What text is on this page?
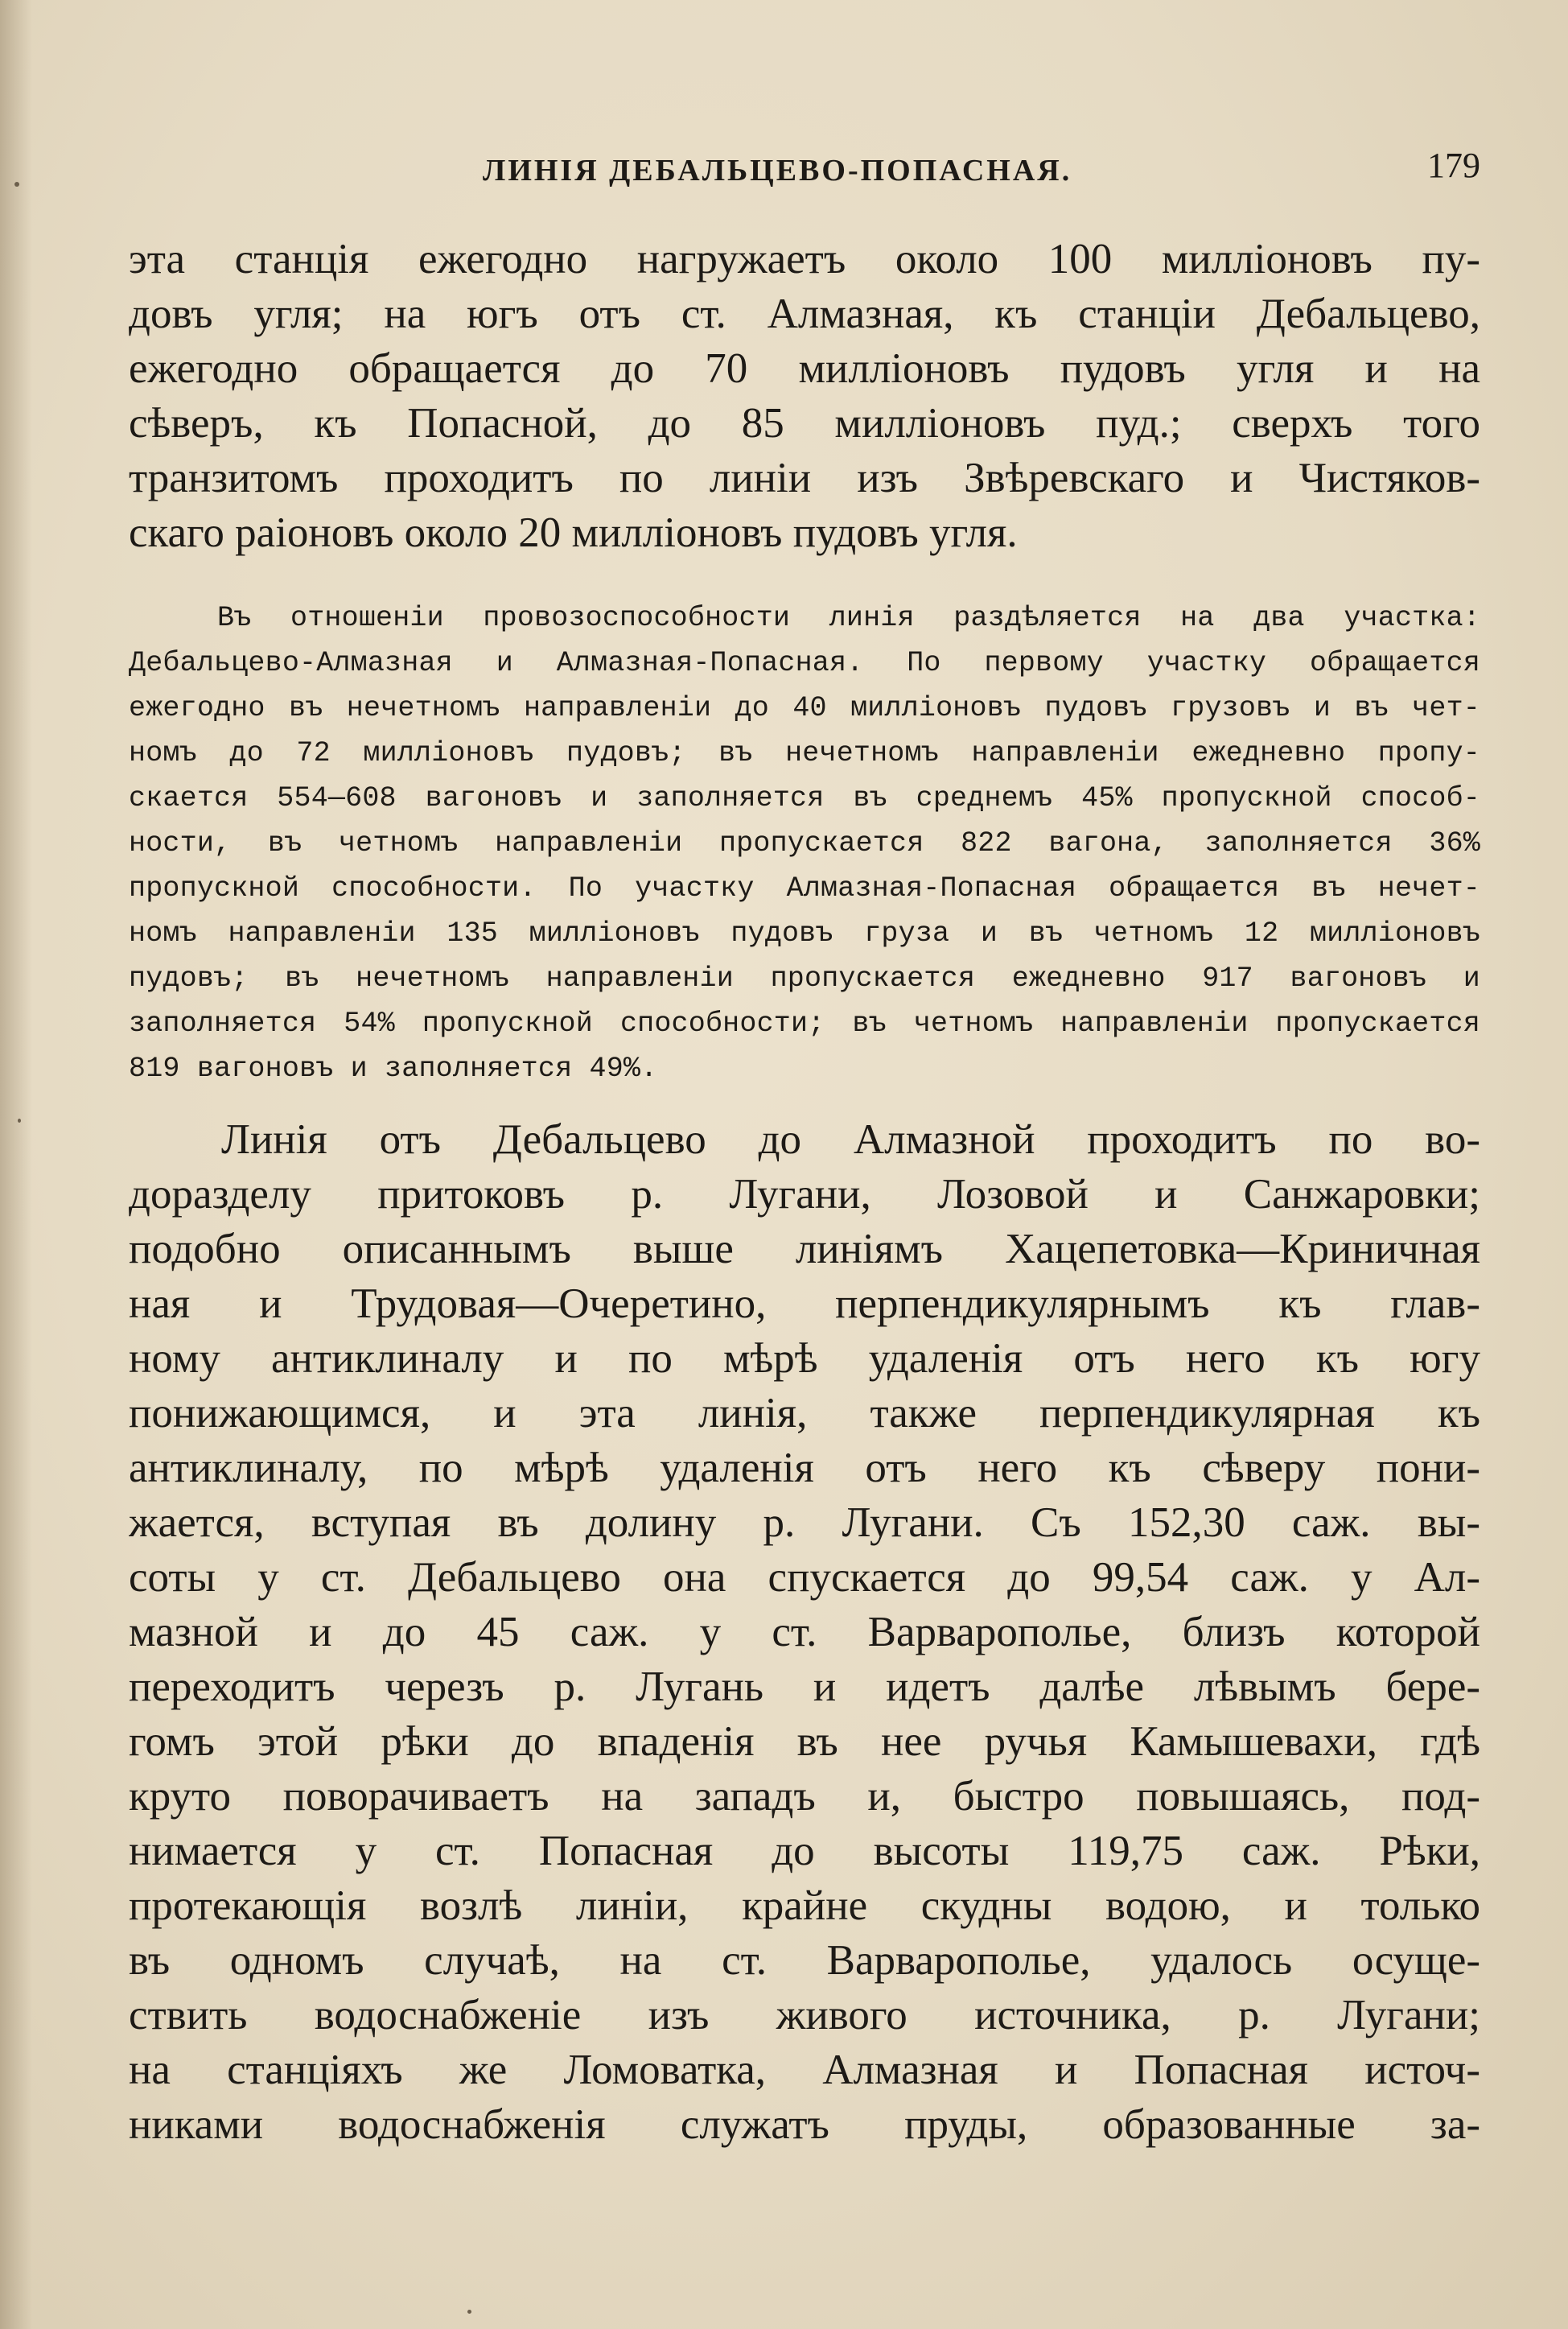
ЛИНІЯ ДЕБАЛЬЦЕВО-ПОПАСНАЯ.	179
эта станція ежегодно нагружаетъ около 100 милліоновъ пу-
довъ угля; на югъ отъ ст. Алмазная, къ станціи Дебальцево,
ежегодно обращается до 70 милліоновъ пудовъ угля и на
сѣверъ, къ Попасной, до 85 милліоновъ пуд.; сверхъ того
транзитомъ проходитъ по линіи изъ Звѣревскаго и Чистяков-
скаго раіоновъ около 20 милліоновъ пудовъ угля.
Въ отношеніи провозоспособности линія раздѣляется на два участка:
Дебальцево-Алмазная и Алмазная-Попасная. По первому участку обращается
ежегодно въ нечетномъ направленіи до 40 милліоновъ пудовъ грузовъ и въ чет-
номъ до 72 милліоновъ пудовъ; въ нечетномъ направленіи ежедневно пропу-
скается 554—608 вагоновъ и заполняется въ среднемъ 45% пропускной способ-
ности, въ четномъ направленіи пропускается 822 вагона, заполняется 36%
пропускной способности. По участку Алмазная-Попасная обращается въ нечет-
номъ направленіи 135 милліоновъ пудовъ груза и въ четномъ 12 милліоновъ
пудовъ; въ нечетномъ направленіи пропускается ежедневно 917 вагоновъ и
заполняется 54% пропускной способности; въ четномъ направленіи пропускается
819 вагоновъ и заполняется 49%.
Линія отъ Дебальцево до Алмазной проходитъ по во-
доразделу притоковъ р. Лугани, Лозовой и Санжаровки;
подобно описаннымъ выше линіямъ Хацепетовка—Криничная
ная и Трудовая—Очеретино, перпендикулярнымъ къ глав-
ному антиклиналу и по мѣрѣ удаленія отъ него къ югу
понижающимся, и эта линія, также перпендикулярная къ
антиклиналу, по мѣрѣ удаленія отъ него къ сѣверу пони-
жается, вступая въ долину р. Лугани. Съ 152,30 саж. вы-
соты у ст. Дебальцево она спускается до 99,54 саж. у Ал-
мазной и до 45 саж. у ст. Варварополье, близъ которой
переходитъ черезъ р. Лугань и идетъ далѣе лѣвымъ бере-
гомъ этой рѣки до впаденія въ нее ручья Камышевахи, гдѣ
круто поворачиваетъ на западъ и, быстро повышаясь, под-
нимается у ст. Попасная до высоты 119,75 саж. Рѣки,
протекающія возлѣ линіи, крайне скудны водою, и только
въ одномъ случаѣ, на ст. Варварополье, удалось осуще-
ствить водоснабженіе изъ живого источника, р. Лугани;
на станціяхъ же Ломоватка, Алмазная и Попасная источ-
никами водоснабженія служатъ пруды, образованные за-
